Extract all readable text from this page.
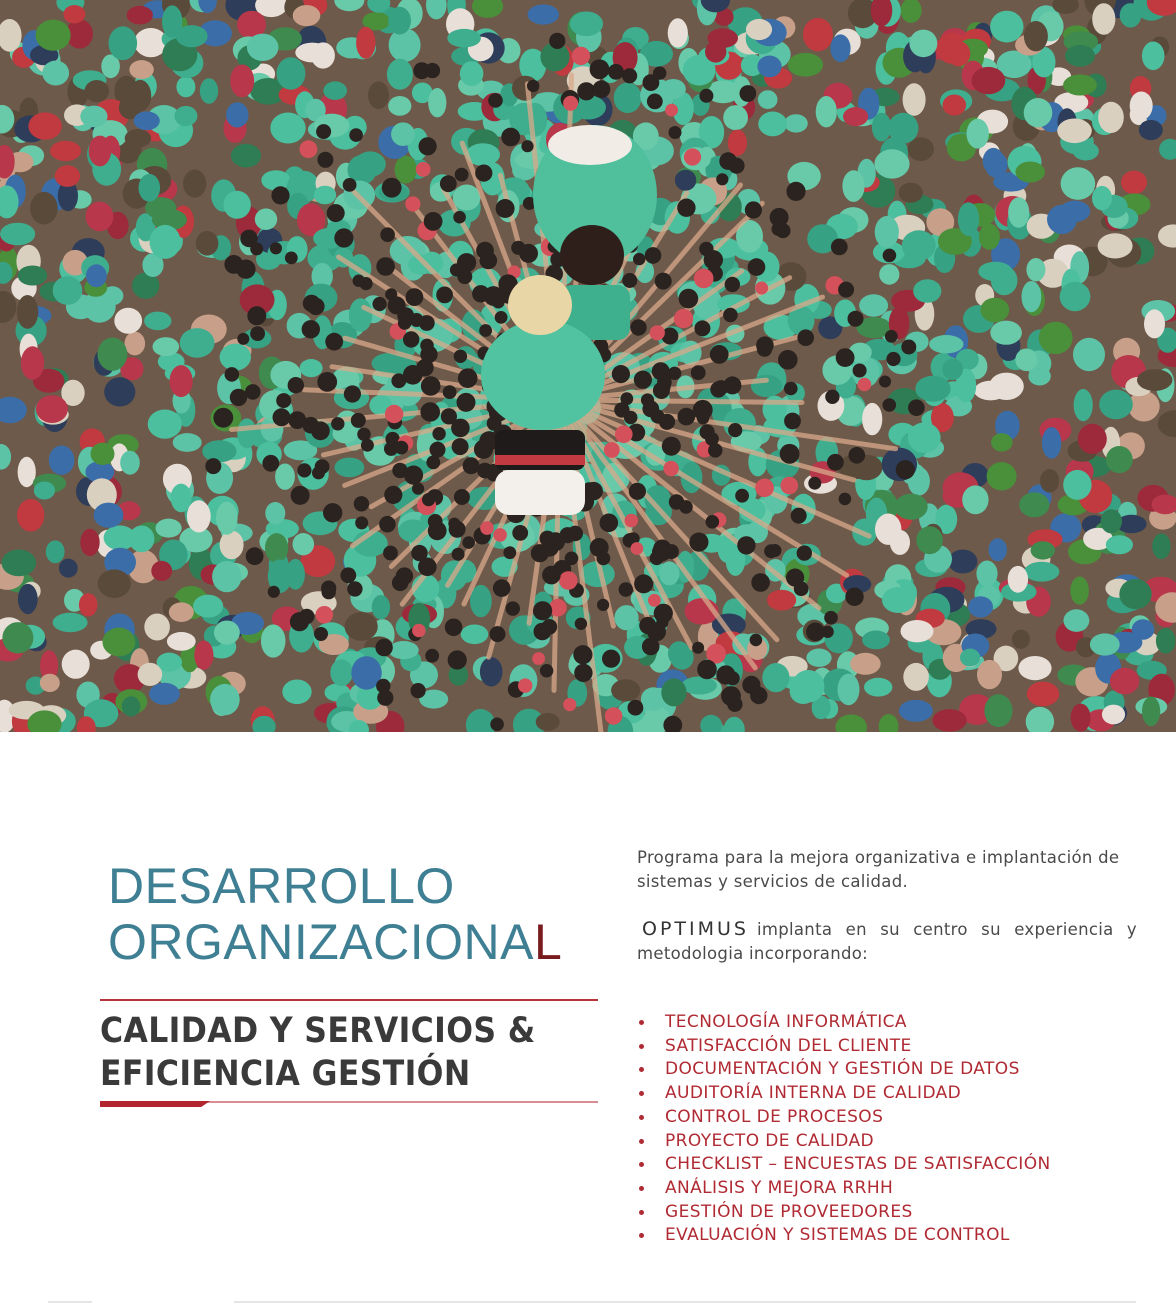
DESARROLLO
ORGANIZACIONAL
CALIDAD Y SERVICIOS &
EFICIENCIA GESTIÓN

Programa para la mejora organizativa e implantación de sistemas y servicios de calidad.

OPTIMUS implanta en su centro su experiencia y metodologia incorporando:

TECNOLOGÍA INFORMÁTICA
SATISFACCIÓN DEL CLIENTE
DOCUMENTACIÓN Y GESTIÓN DE DATOS
AUDITORÍA INTERNA DE CALIDAD
CONTROL DE PROCESOS
PROYECTO DE CALIDAD
CHECKLIST – ENCUESTAS DE SATISFACCIÓN
ANÁLISIS Y MEJORA RRHH
GESTIÓN DE PROVEEDORES
EVALUACIÓN Y SISTEMAS DE CONTROL
